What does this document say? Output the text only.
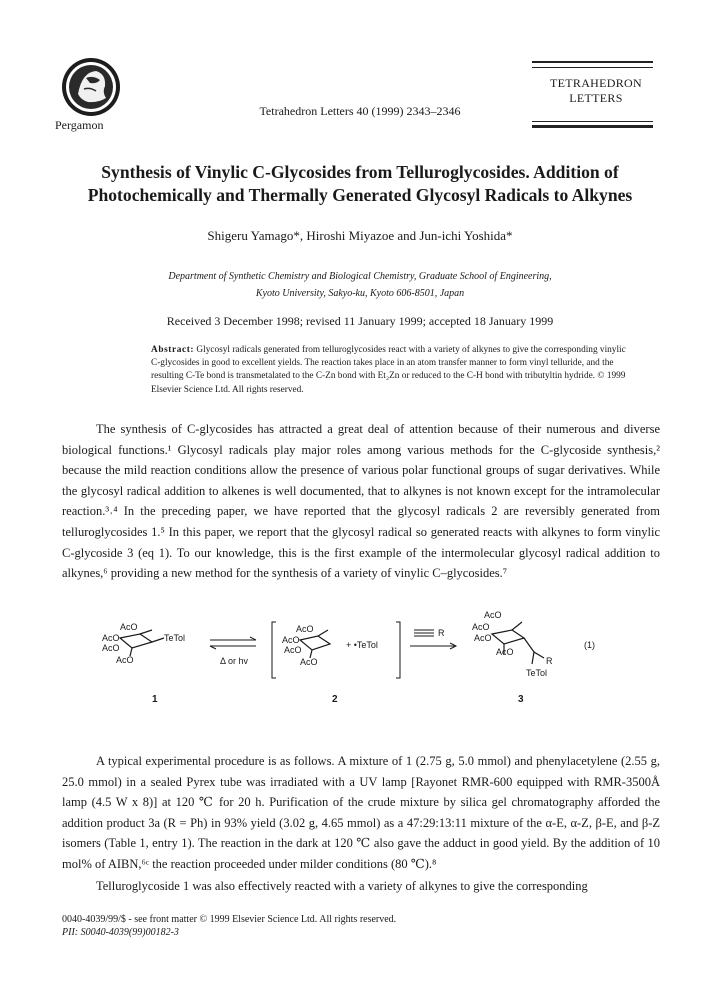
Pergamon
Tetrahedron Letters 40 (1999) 2343–2346
TETRAHEDRON
LETTERS
Synthesis of Vinylic C-Glycosides from Telluroglycosides. Addition of
Photochemically and Thermally Generated Glycosyl Radicals to Alkynes
Shigeru Yamago*, Hiroshi Miyazoe and Jun-ichi Yoshida*
Department of Synthetic Chemistry and Biological Chemistry, Graduate School of Engineering,
Kyoto University, Sakyo-ku, Kyoto 606-8501, Japan
Received 3 December 1998; revised 11 January 1999; accepted 18 January 1999
Abstract: Glycosyl radicals generated from telluroglycosides react with a variety of alkynes to give the corresponding vinylic C-glycosides in good to excellent yields. The reaction takes place in an atom transfer manner to form vinyl telluride, and the resulting C-Te bond is transmetalated to the C-Zn bond with Et₂Zn or reduced to the C-H bond with tributyltin hydride. © 1999 Elsevier Science Ltd. All rights reserved.

The synthesis of C-glycosides has attracted a great deal of attention because of their numerous and diverse biological functions.¹ Glycosyl radicals play major roles among various methods for the C-glycoside synthesis,² because the mild reaction conditions allow the presence of various polar functional groups of sugar derivatives. While the glycosyl radical addition to alkenes is well documented, that to alkynes is not known except for the intramolecular reaction.³˒⁴ In the preceding paper, we have reported that the glycosyl radicals 2 are reversibly generated from telluroglycosides 1.⁵ In this paper, we report that the glycosyl radical so generated reacts with alkynes to form vinylic C-glycoside 3 (eq 1). To our knowledge, this is the first example of the intermolecular glycosyl radical addition to alkynes,⁶ providing a new method for the synthesis of a variety of vinylic C–glycosides.⁷

AcO
AcO
AcO
AcO
TeTol
1
Δ or hv
AcO
AcO
AcO
AcO
+ •TeTol
2
R
AcO
AcO
AcO
AcO
R
TeTol
(1)
3

A typical experimental procedure is as follows. A mixture of 1 (2.75 g, 5.0 mmol) and phenylacetylene (2.55 g, 25.0 mmol) in a sealed Pyrex tube was irradiated with a UV lamp [Rayonet RMR-600 equipped with RMR-3500Å lamp (4.5 W x 8)] at 120 ℃ for 20 h. Purification of the crude mixture by silica gel chromatography afforded the addition product 3a (R = Ph) in 93% yield (3.02 g, 4.65 mmol) as a 47:29:13:11 mixture of the α-E, α-Z, β-E, and β-Z isomers (Table 1, entry 1). The reaction in the dark at 120 ℃ also gave the adduct in good yield. By the addition of 10 mol% of AIBN,⁶ᶜ the reaction proceeded under milder conditions (80 ℃).⁸

Telluroglycoside 1 was also effectively reacted with a variety of alkynes to give the corresponding

0040-4039/99/$ - see front matter © 1999 Elsevier Science Ltd. All rights reserved.
PII: S0040-4039(99)00182-3
